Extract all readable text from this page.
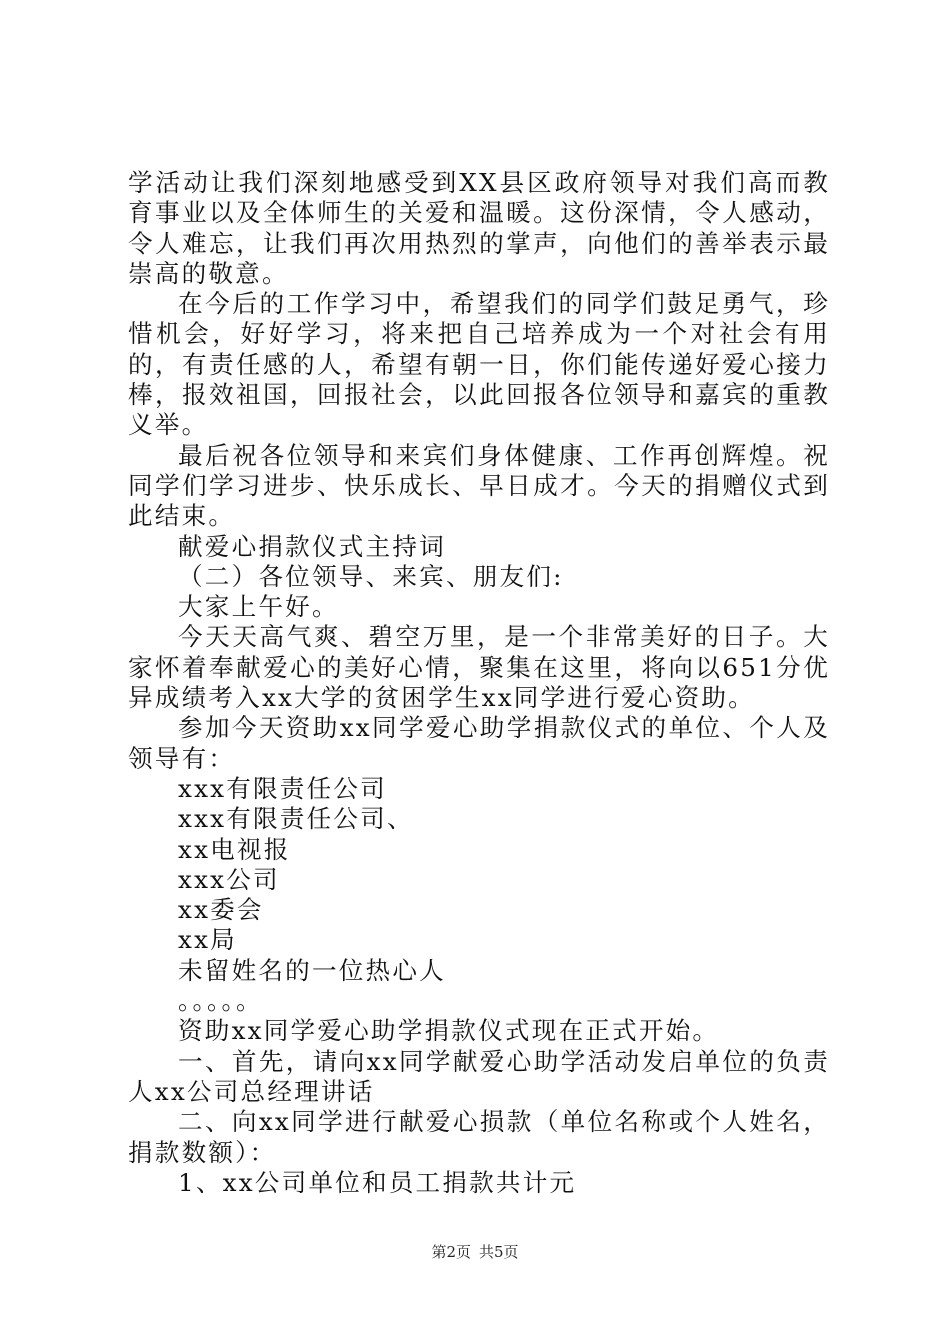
学活动让我们深刻地感受到XX县区政府领导对我们高而教育事业以及全体师生的关爱和温暖。这份深情，令人感动，令人难忘，让我们再次用热烈的掌声，向他们的善举表示最崇高的敬意。

在今后的工作学习中，希望我们的同学们鼓足勇气，珍惜机会，好好学习，将来把自己培养成为一个对社会有用的，有责任感的人，希望有朝一日，你们能传递好爱心接力棒，报效祖国，回报社会，以此回报各位领导和嘉宾的重教义举。

最后祝各位领导和来宾们身体健康、工作再创辉煌。祝同学们学习进步、快乐成长、早日成才。今天的捐赠仪式到此结束。

献爱心捐款仪式主持词

（二）各位领导、来宾、朋友们:

大家上午好。

今天天高气爽、碧空万里，是一个非常美好的日子。大家怀着奉献爱心的美好心情，聚集在这里，将向以651分优异成绩考入xx大学的贫困学生xx同学进行爱心资助。

参加今天资助xx同学爱心助学捐款仪式的单位、个人及领导有：

xxx有限责任公司

xxx有限责任公司、

xx电视报

xxx公司

xx委会

xx局

未留姓名的一位热心人

。。。。。

资助xx同学爱心助学捐款仪式现在正式开始。

一、首先，请向xx同学献爱心助学活动发启单位的负责人xx公司总经理讲话

二、向xx同学进行献爱心损款（单位名称或个人姓名，捐款数额）：

1、xx公司单位和员工捐款共计元

第2页 共5页
